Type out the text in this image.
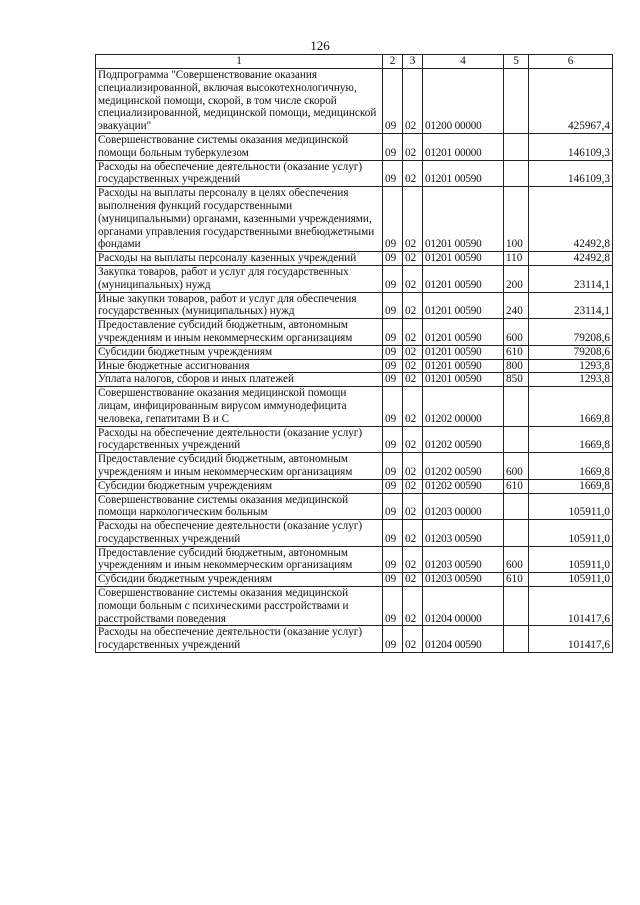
126
1	2	3	4	5	6
Подпрограмма "Совершенствование оказания специализированной, включая высокотехнологичную, медицинской помощи, скорой, в том числе скорой специализированной, медицинской помощи, медицинской эвакуации"	09	02	01200 00000		425967,4
Совершенствование системы оказания медицинской помощи больным туберкулезом	09	02	01201 00000		146109,3
Расходы на обеспечение деятельности (оказание услуг) государственных учреждений	09	02	01201 00590		146109,3
Расходы на выплаты персоналу в целях обеспечения выполнения функций государственными (муниципальными) органами, казенными учреждениями, органами управления государственными внебюджетными фондами	09	02	01201 00590	100	42492,8
Расходы на выплаты персоналу казенных учреждений	09	02	01201 00590	110	42492,8
Закупка товаров, работ и услуг для государственных (муниципальных) нужд	09	02	01201 00590	200	23114,1
Иные закупки товаров, работ и услуг для обеспечения государственных (муниципальных) нужд	09	02	01201 00590	240	23114,1
Предоставление субсидий бюджетным, автономным учреждениям и иным некоммерческим организациям	09	02	01201 00590	600	79208,6
Субсидии бюджетным учреждениям	09	02	01201 00590	610	79208,6
Иные бюджетные ассигнования	09	02	01201 00590	800	1293,8
Уплата налогов, сборов и иных платежей	09	02	01201 00590	850	1293,8
Совершенствование оказания медицинской помощи лицам, инфицированным вирусом иммунодефицита человека, гепатитами В и С	09	02	01202 00000		1669,8
Расходы на обеспечение деятельности (оказание услуг) государственных учреждений	09	02	01202 00590		1669,8
Предоставление субсидий бюджетным, автономным учреждениям и иным некоммерческим организациям	09	02	01202 00590	600	1669,8
Субсидии бюджетным учреждениям	09	02	01202 00590	610	1669,8
Совершенствование системы оказания медицинской помощи наркологическим больным	09	02	01203 00000		105911,0
Расходы на обеспечение деятельности (оказание услуг) государственных учреждений	09	02	01203 00590		105911,0
Предоставление субсидий бюджетным, автономным учреждениям и иным некоммерческим организациям	09	02	01203 00590	600	105911,0
Субсидии бюджетным учреждениям	09	02	01203 00590	610	105911,0
Совершенствование системы оказания медицинской помощи больным с психическими расстройствами и расстройствами поведения	09	02	01204 00000		101417,6
Расходы на обеспечение деятельности (оказание услуг) государственных учреждений	09	02	01204 00590		101417,6
